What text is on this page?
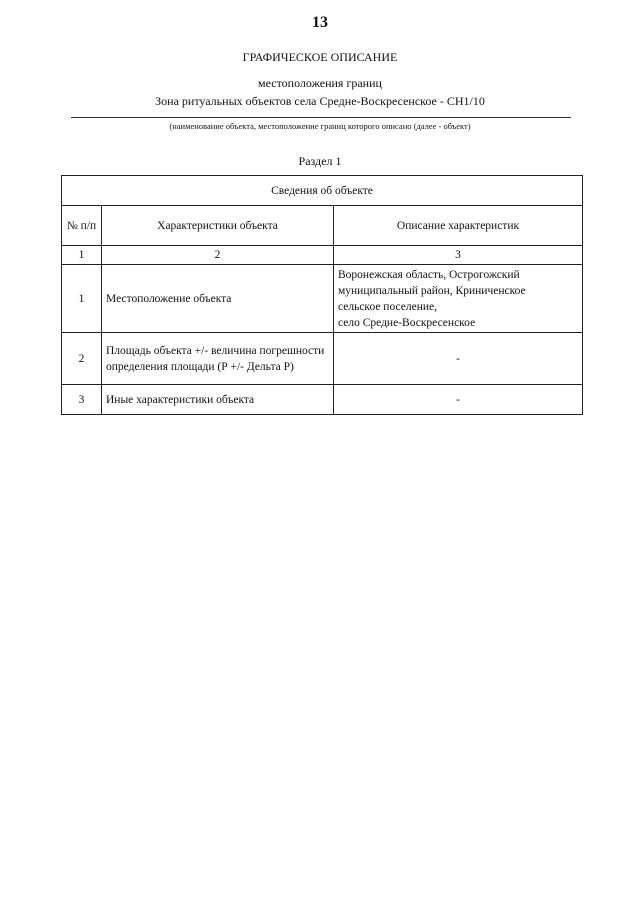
13
ГРАФИЧЕСКОЕ ОПИСАНИЕ
местоположения границ
Зона ритуальных объектов села Средне-Воскресенское - СН1/10
(наименование объекта, местоположение границ которого описано (далее - объект)
Раздел 1
Сведения об объекте		
№ п/п	Характеристики объекта	Описание характеристик
1	2	3
1	Местоположение объекта	Воронежская область, Острогожский
муниципальный район, Криниченское
сельское поселение,
село Средне-Воскресенское

2	Площадь объекта +/- величина погрешности определения площади (Р +/- Дельта Р)	-
3	Иные характеристики объекта	-
